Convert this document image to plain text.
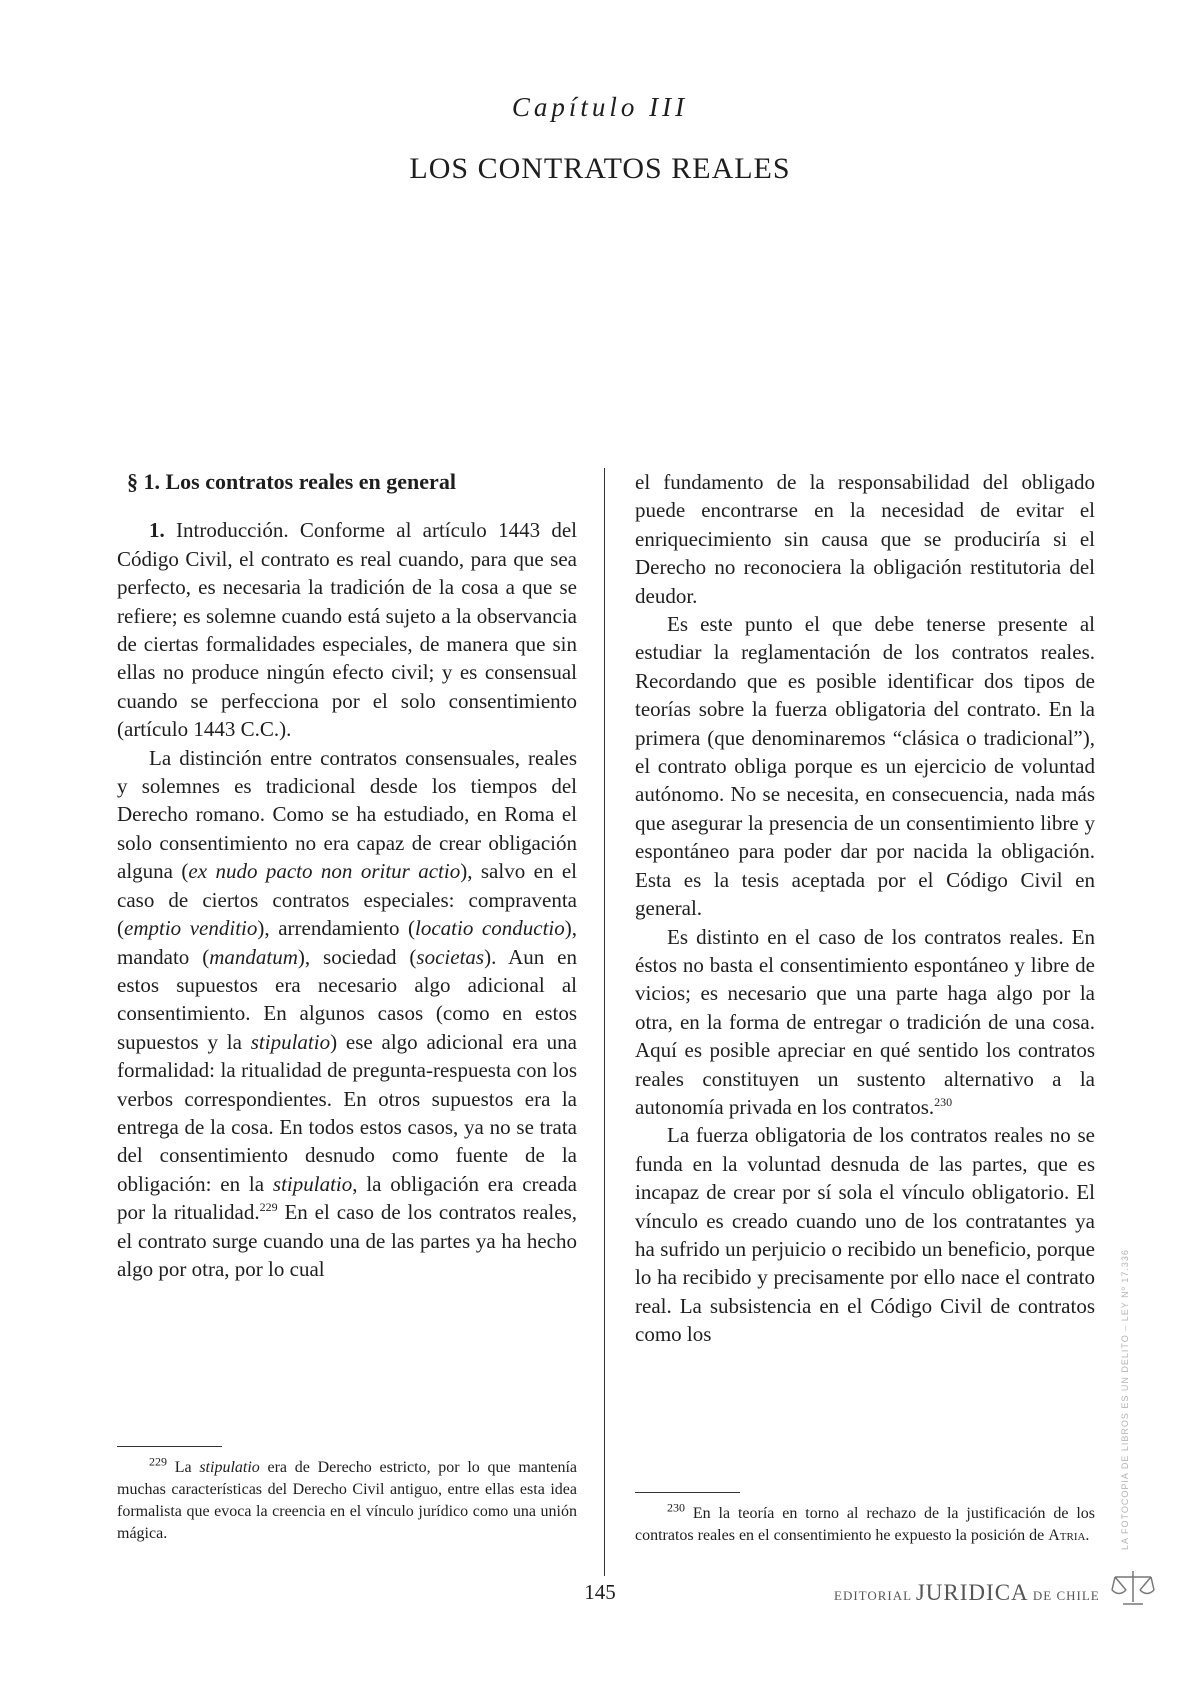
Capítulo III
LOS CONTRATOS REALES
§ 1. Los contratos reales en general

1. Introducción. Conforme al artículo 1443 del Código Civil, el contrato es real cuando, para que sea perfecto, es necesaria la tradición de la cosa a que se refiere; es solemne cuando está sujeto a la observancia de ciertas formalidades especiales, de manera que sin ellas no produce ningún efecto civil; y es consensual cuando se perfecciona por el solo consentimiento (artículo 1443 C.C.).

La distinción entre contratos consensuales, reales y solemnes es tradicional desde los tiempos del Derecho romano. Como se ha estudiado, en Roma el solo consentimiento no era capaz de crear obligación alguna (ex nudo pacto non oritur actio), salvo en el caso de ciertos contratos especiales: compraventa (emptio venditio), arrendamiento (locatio conductio), mandato (mandatum), sociedad (societas). Aun en estos supuestos era necesario algo adicional al consentimiento. En algunos casos (como en estos supuestos y la stipulatio) ese algo adicional era una formalidad: la ritualidad de pregunta-respuesta con los verbos correspondientes. En otros supuestos era la entrega de la cosa. En todos estos casos, ya no se trata del consentimiento desnudo como fuente de la obligación: en la stipulatio, la obligación era creada por la ritualidad.$^{229}$ En el caso de los contratos reales, el contrato surge cuando una de las partes ya ha hecho algo por otra, por lo cual

el fundamento de la responsabilidad del obligado puede encontrarse en la necesidad de evitar el enriquecimiento sin causa que se produciría si el Derecho no reconociera la obligación restitutoria del deudor.

Es este punto el que debe tenerse presente al estudiar la reglamentación de los contratos reales. Recordando que es posible identificar dos tipos de teorías sobre la fuerza obligatoria del contrato. En la primera (que denominaremos “clásica o tradicional”), el contrato obliga porque es un ejercicio de voluntad autónomo. No se necesita, en consecuencia, nada más que asegurar la presencia de un consentimiento libre y espontáneo para poder dar por nacida la obligación. Esta es la tesis aceptada por el Código Civil en general.

Es distinto en el caso de los contratos reales. En éstos no basta el consentimiento espontáneo y libre de vicios; es necesario que una parte haga algo por la otra, en la forma de entregar o tradición de una cosa. Aquí es posible apreciar en qué sentido los contratos reales constituyen un sustento alternativo a la autonomía privada en los contratos.$^{230}$

La fuerza obligatoria de los contratos reales no se funda en la voluntad desnuda de las partes, que es incapaz de crear por sí sola el vínculo obligatorio. El vínculo es creado cuando uno de los contratantes ya ha sufrido un perjuicio o recibido un beneficio, porque lo ha recibido y precisamente por ello nace el contrato real. La subsistencia en el Código Civil de contratos como los

$^{229}$ La stipulatio era de Derecho estricto, por lo que mantenía muchas características del Derecho Civil antiguo, entre ellas esta idea formalista que evoca la creencia en el vínculo jurídico como una unión mágica.

$^{230}$ En la teoría en torno al rechazo de la justificación de los contratos reales en el consentimiento he expuesto la posición de Atria.

145	EDITORIAL JURIDICA DE CHILE
LA FOTOCOPIA DE LIBROS ES UN DELITO – LEY Nº 17.336
